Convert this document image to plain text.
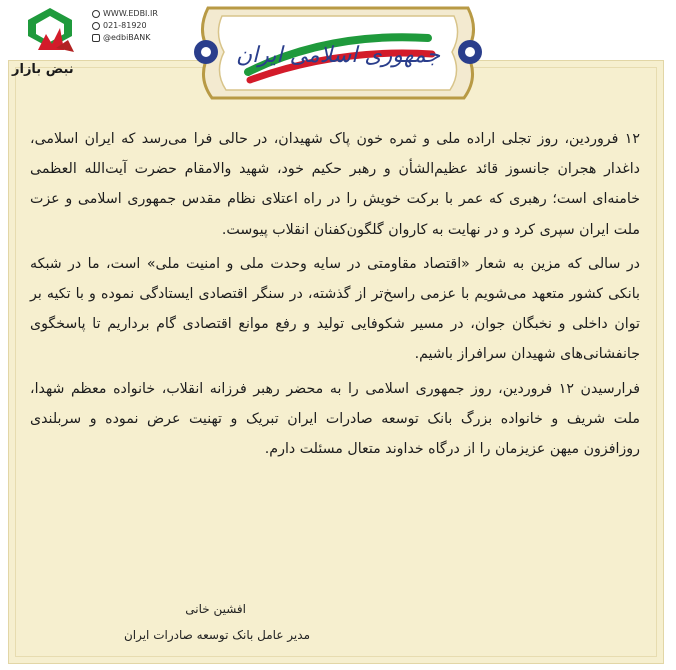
نبض بازار
WWW.EDBI.IR
021-81920
@edbiBANK
جمهوری اسلامی ایران

۱۲ فروردین، روز تجلی اراده ملی و ثمره خون پاک شهیدان، در حالی فرا می‌رسد که ایران اسلامی، داغدار هجران جانسوز قائد عظیم‌الشأن و رهبر حکیم خود، شهید والامقام حضرت آیت‌الله العظمی خامنه‌ای است؛ رهبری که عمر با برکت خویش را در راه اعتلای نظام مقدس جمهوری اسلامی و عزت ملت ایران سپری کرد و در نهایت به کاروان گلگون‌کفنان انقلاب پیوست.

در سالی که مزین به شعار «اقتصاد مقاومتی در سایه وحدت ملی و امنیت ملی» است، ما در شبکه بانکی کشور متعهد می‌شویم با عزمی راسخ‌تر از گذشته، در سنگر اقتصادی ایستادگی نموده و با تکیه بر توان داخلی و نخبگان جوان، در مسیر شکوفایی تولید و رفع موانع اقتصادی گام برداریم تا پاسخگوی جانفشانی‌های شهیدان سرافراز باشیم.

فرارسیدن ۱۲ فروردین، روز جمهوری اسلامی را به محضر رهبر فرزانه انقلاب، خانواده معظم شهدا، ملت شریف و خانواده بزرگ بانک توسعه صادرات ایران تبریک و تهنیت عرض نموده و سربلندی روزافزون میهن عزیزمان را از درگاه خداوند متعال مسئلت دارم.

افشین خانی
مدیر عامل بانک توسعه صادرات ایران
